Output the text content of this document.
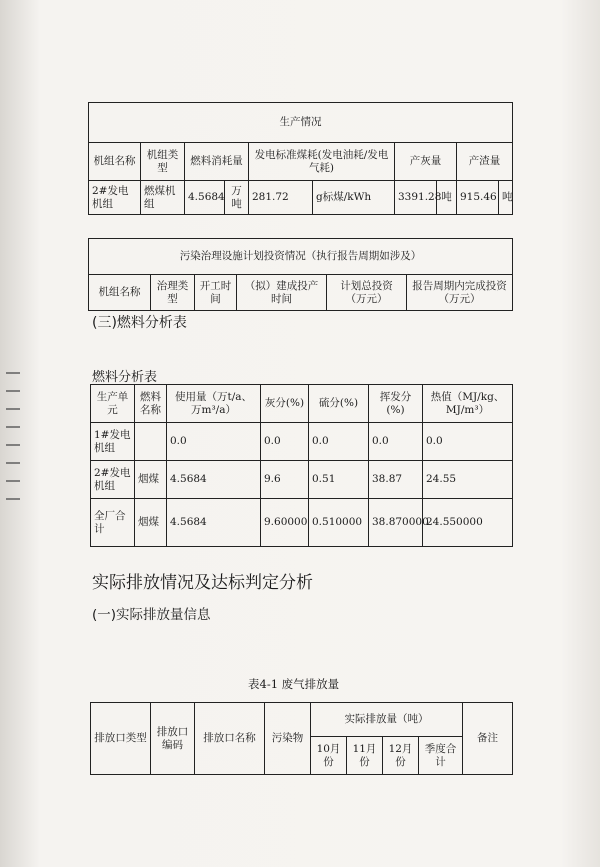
生产情况									
机组名称	机组类型	燃料消耗量		发电标准煤耗(发电油耗/发电气耗)		产灰量		产渣量	
2#发电机组	燃煤机组	4.5684	万吨	281.72	g标煤/kWh	3391.28	吨	915.46	吨
污染治理设施计划投资情况（执行报告周期如涉及）
机组名称	治理类型	开工时间	（拟）建成投产时间	计划总投资（万元）	报告周期内完成投资（万元）
(三)燃料分析表
燃料分析表
生产单元	燃料名称	使用量（万t/a、万m³/a）	灰分(%)	硫分(%)	挥发分(%)	热值（MJ/kg、MJ/m³）
1#发电机组		0.0	0.0	0.0	0.0	0.0
2#发电机组	烟煤	4.5684	9.6	0.51	38.87	24.55
全厂合计	烟煤	4.5684	9.60000	0.510000	38.870000	24.550000
实际排放情况及达标判定分析
(一)实际排放量信息
表4-1 废气排放量
排放口类型	排放口编码	排放口名称	污染物	实际排放量（吨）				备注
				10月份	11月份	12月份	季度合计	
